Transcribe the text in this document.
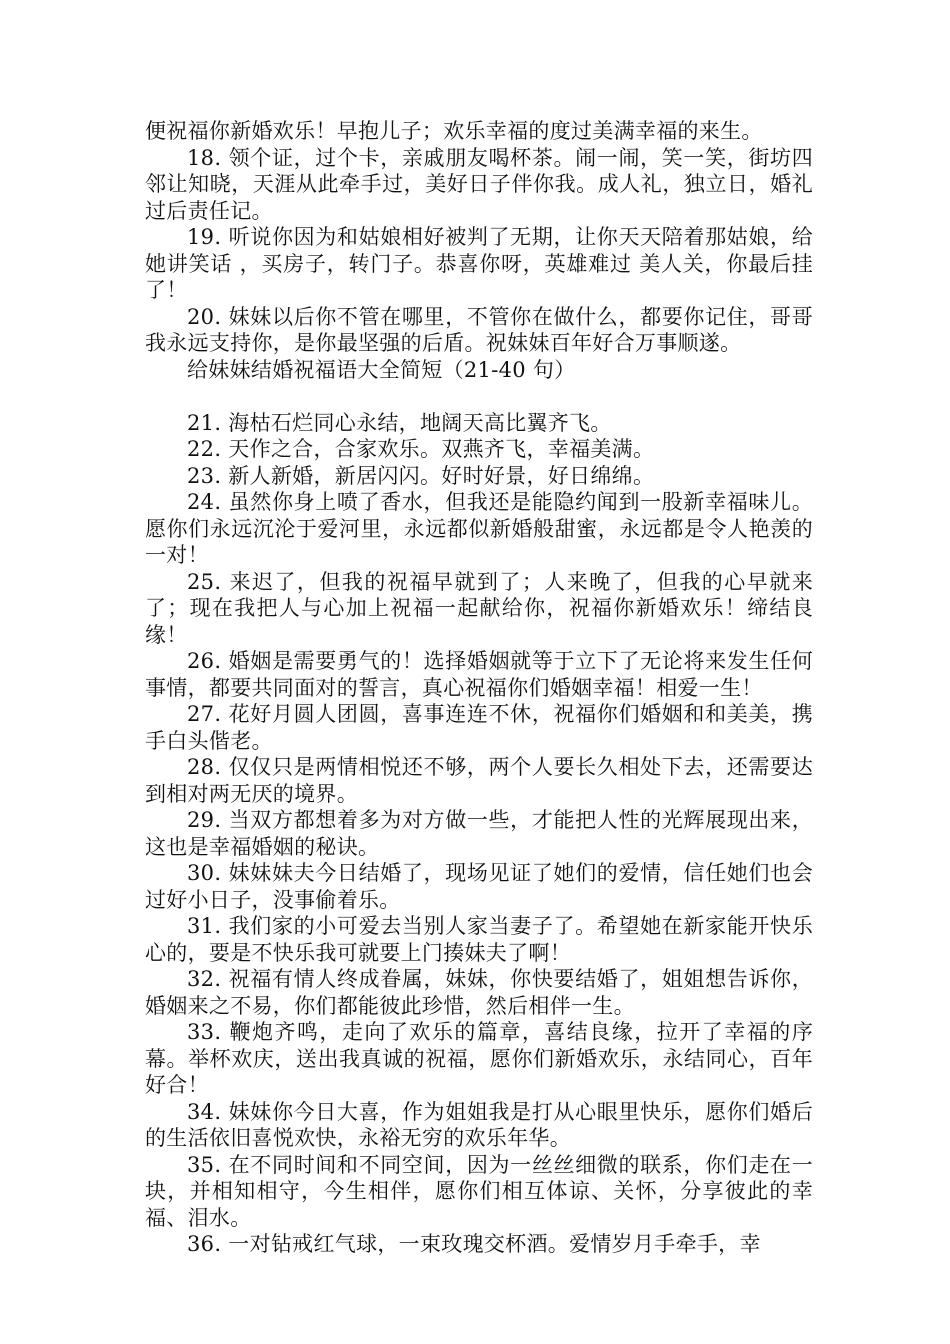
便祝福你新婚欢乐！早抱儿子；欢乐幸福的度过美满幸福的来生。

18. 领个证，过个卡，亲戚朋友喝杯茶。闹一闹，笑一笑，街坊四邻让知晓，天涯从此牵手过，美好日子伴你我。成人礼，独立日，婚礼过后责任记。

19. 听说你因为和姑娘相好被判了无期，让你天天陪着那姑娘，给她讲笑话 ，买房子，转门子。恭喜你呀，英雄难过 美人关，你最后挂了！

20. 妹妹以后你不管在哪里，不管你在做什么，都要你记住，哥哥我永远支持你，是你最坚强的后盾。祝妹妹百年好合万事顺遂。

给妹妹结婚祝福语大全简短（21-40 句）

21. 海枯石烂同心永结，地阔天高比翼齐飞。

22. 天作之合，合家欢乐。双燕齐飞，幸福美满。

23. 新人新婚，新居闪闪。好时好景，好日绵绵。

24. 虽然你身上喷了香水，但我还是能隐约闻到一股新幸福味儿。愿你们永远沉沦于爱河里，永远都似新婚般甜蜜，永远都是令人艳羡的一对！

25. 来迟了，但我的祝福早就到了；人来晚了，但我的心早就来了；现在我把人与心加上祝福一起献给你，祝福你新婚欢乐！缔结良缘！

26. 婚姻是需要勇气的！选择婚姻就等于立下了无论将来发生任何事情，都要共同面对的誓言，真心祝福你们婚姻幸福！相爱一生！

27. 花好月圆人团圆，喜事连连不休，祝福你们婚姻和和美美，携手白头偕老。

28. 仅仅只是两情相悦还不够，两个人要长久相处下去，还需要达到相对两无厌的境界。

29. 当双方都想着多为对方做一些，才能把人性的光辉展现出来，这也是幸福婚姻的秘诀。

30. 妹妹妹夫今日结婚了，现场见证了她们的爱情，信任她们也会过好小日子，没事偷着乐。

31. 我们家的小可爱去当别人家当妻子了。希望她在新家能开快乐心的，要是不快乐我可就要上门揍妹夫了啊！

32. 祝福有情人终成眷属，妹妹，你快要结婚了，姐姐想告诉你，婚姻来之不易，你们都能彼此珍惜，然后相伴一生。

33. 鞭炮齐鸣，走向了欢乐的篇章，喜结良缘，拉开了幸福的序幕。举杯欢庆，送出我真诚的祝福，愿你们新婚欢乐，永结同心，百年好合！

34. 妹妹你今日大喜，作为姐姐我是打从心眼里快乐，愿你们婚后的生活依旧喜悦欢快，永裕无穷的欢乐年华。

35. 在不同时间和不同空间，因为一丝丝细微的联系，你们走在一块，并相知相守，今生相伴，愿你们相互体谅、关怀，分享彼此的幸福、泪水。

36. 一对钻戒红气球，一束玫瑰交杯酒。爱情岁月手牵手，幸
